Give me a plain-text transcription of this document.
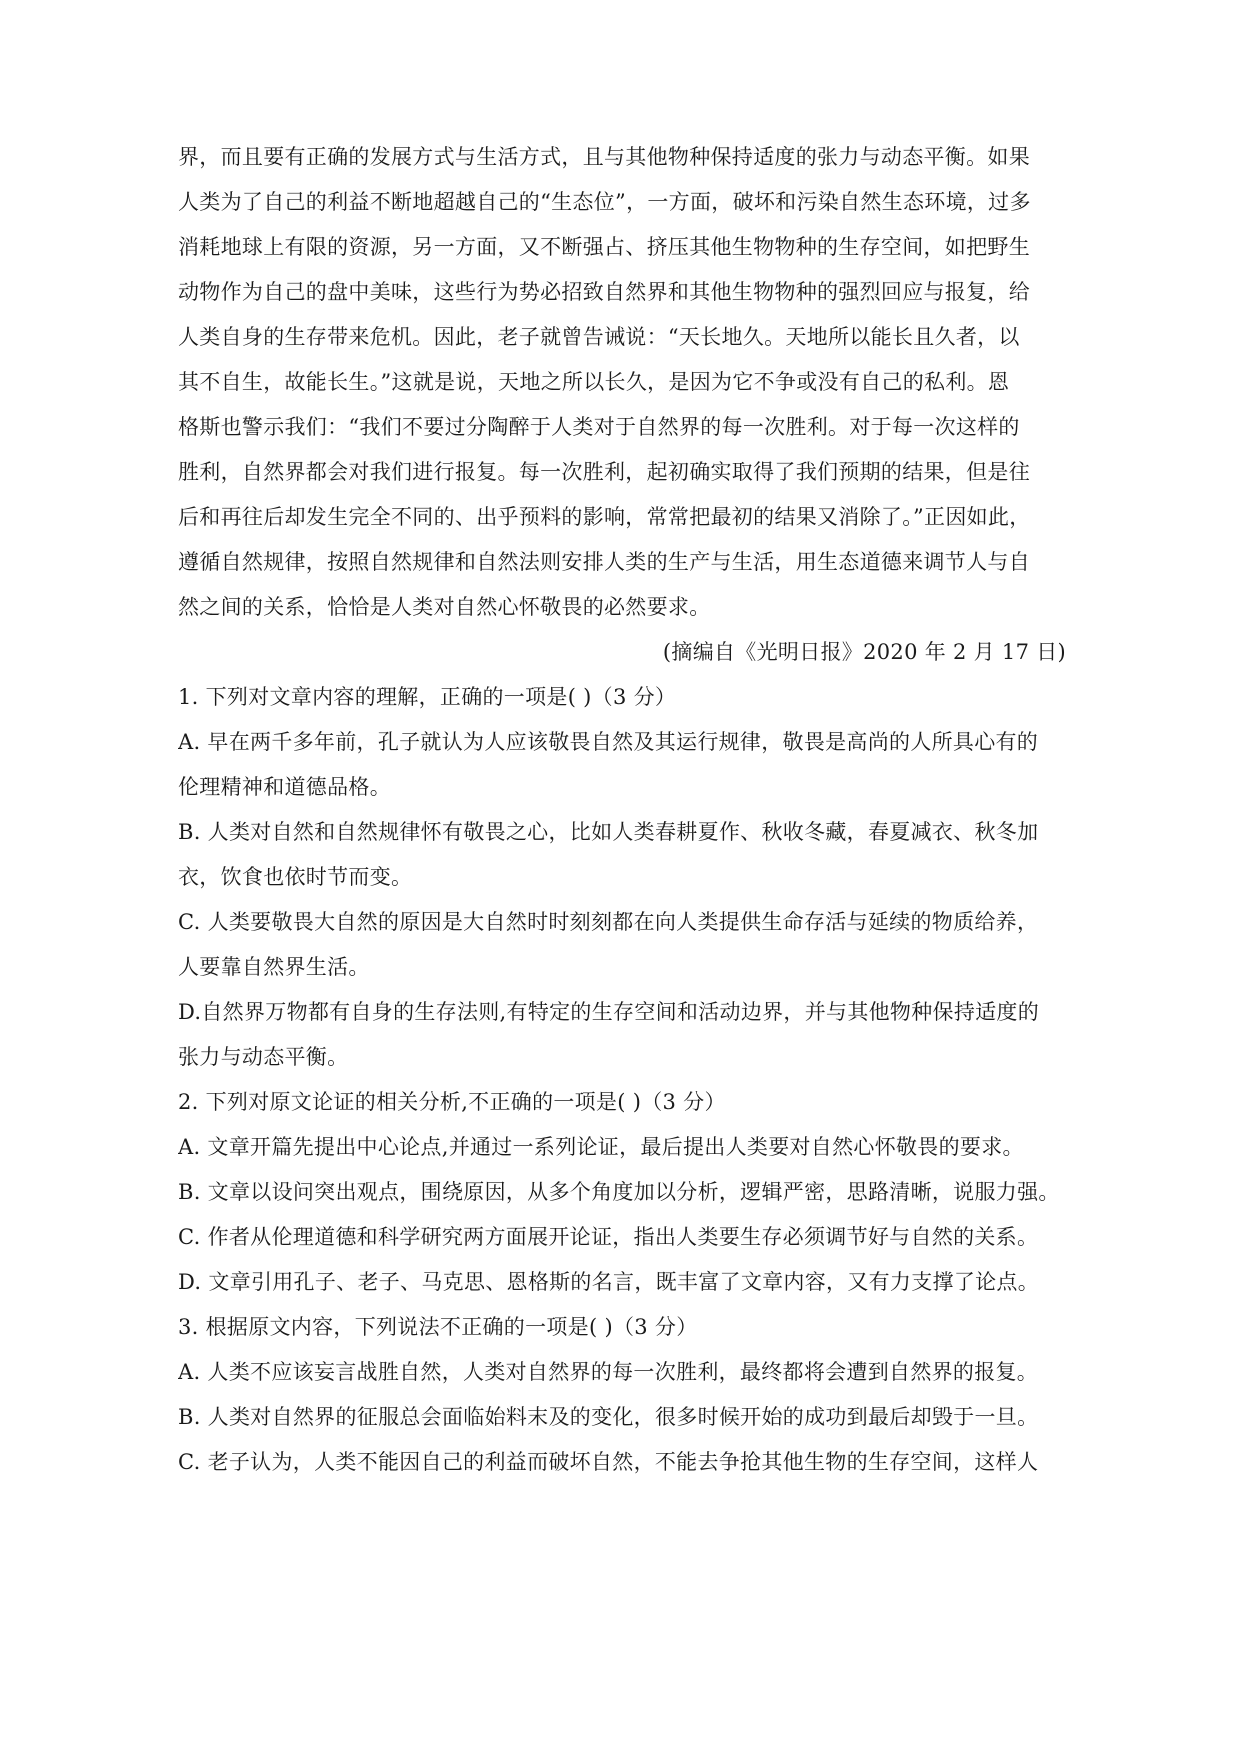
界，而且要有正确的发展方式与生活方式，且与其他物种保持适度的张力与动态平衡。如果
人类为了自己的利益不断地超越自己的“生态位”，一方面，破坏和污染自然生态环境，过多
消耗地球上有限的资源，另一方面，又不断强占、挤压其他生物物种的生存空间，如把野生
动物作为自己的盘中美味，这些行为势必招致自然界和其他生物物种的强烈回应与报复，给
人类自身的生存带来危机。因此，老子就曾告诫说：“天长地久。天地所以能长且久者，以
其不自生，故能长生。”这就是说，天地之所以长久，是因为它不争或没有自己的私利。恩
格斯也警示我们：“我们不要过分陶醉于人类对于自然界的每一次胜利。对于每一次这样的
胜利，自然界都会对我们进行报复。每一次胜利，起初确实取得了我们预期的结果，但是往
后和再往后却发生完全不同的、出乎预料的影响，常常把最初的结果又消除了。”正因如此，
遵循自然规律，按照自然规律和自然法则安排人类的生产与生活，用生态道德来调节人与自
然之间的关系，恰恰是人类对自然心怀敬畏的必然要求。
(摘编自《光明日报》2020 年 2 月 17 日)
1. 下列对文章内容的理解，正确的一项是( )（3 分）
A. 早在两千多年前，孔子就认为人应该敬畏自然及其运行规律，敬畏是高尚的人所具心有的
伦理精神和道德品格。
B. 人类对自然和自然规律怀有敬畏之心，比如人类春耕夏作、秋收冬藏，春夏减衣、秋冬加
衣，饮食也依时节而变。
C. 人类要敬畏大自然的原因是大自然时时刻刻都在向人类提供生命存活与延续的物质给养，
人要靠自然界生活。
D.自然界万物都有自身的生存法则,有特定的生存空间和活动边界，并与其他物种保持适度的
张力与动态平衡。
2. 下列对原文论证的相关分析,不正确的一项是( )（3 分）
A. 文章开篇先提出中心论点,并通过一系列论证，最后提出人类要对自然心怀敬畏的要求。
B. 文章以设问突出观点，围绕原因，从多个角度加以分析，逻辑严密，思路清晰，说服力强。
C. 作者从伦理道德和科学研究两方面展开论证，指出人类要生存必须调节好与自然的关系。
D. 文章引用孔子、老子、马克思、恩格斯的名言，既丰富了文章内容，又有力支撑了论点。
3. 根据原文内容，下列说法不正确的一项是( )（3 分）
A. 人类不应该妄言战胜自然，人类对自然界的每一次胜利，最终都将会遭到自然界的报复。
B. 人类对自然界的征服总会面临始料末及的变化，很多时候开始的成功到最后却毁于一旦。
C. 老子认为，人类不能因自己的利益而破坏自然，不能去争抢其他生物的生存空间，这样人
